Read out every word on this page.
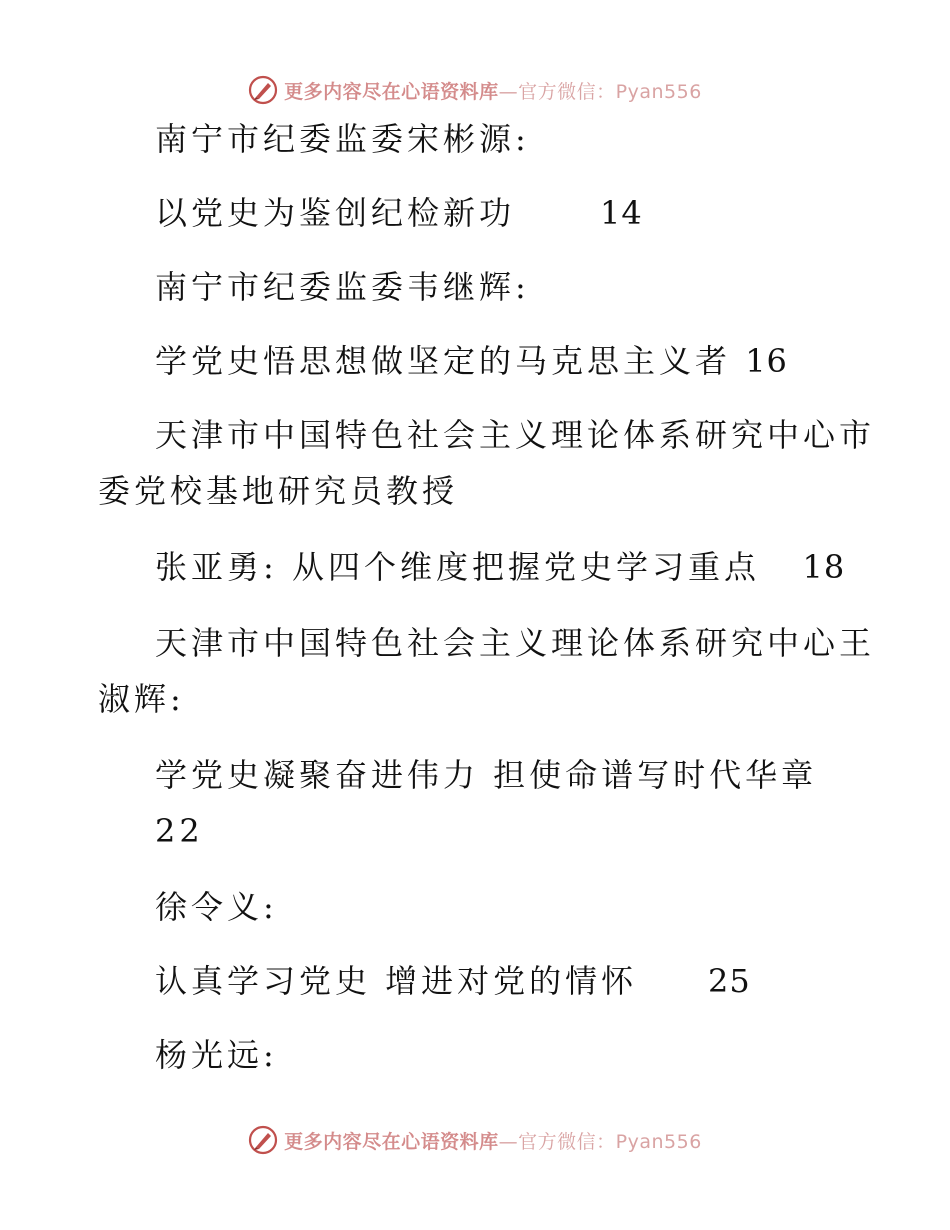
更多内容尽在心语资料库—官方微信：Pyan556

南宁市纪委监委宋彬源:

以党史为鉴创纪检新功	14

南宁市纪委监委韦继辉:

学党史悟思想做坚定的马克思主义者 16

天津市中国特色社会主义理论体系研究中心市

委党校基地研究员教授

张亚勇: 从四个维度把握党史学习重点 18

天津市中国特色社会主义理论体系研究中心王

淑辉:

学党史凝聚奋进伟力 担使命谱写时代华章

22

徐令义:

认真学习党史 增进对党的情怀 25

杨光远:

更多内容尽在心语资料库—官方微信：Pyan556
